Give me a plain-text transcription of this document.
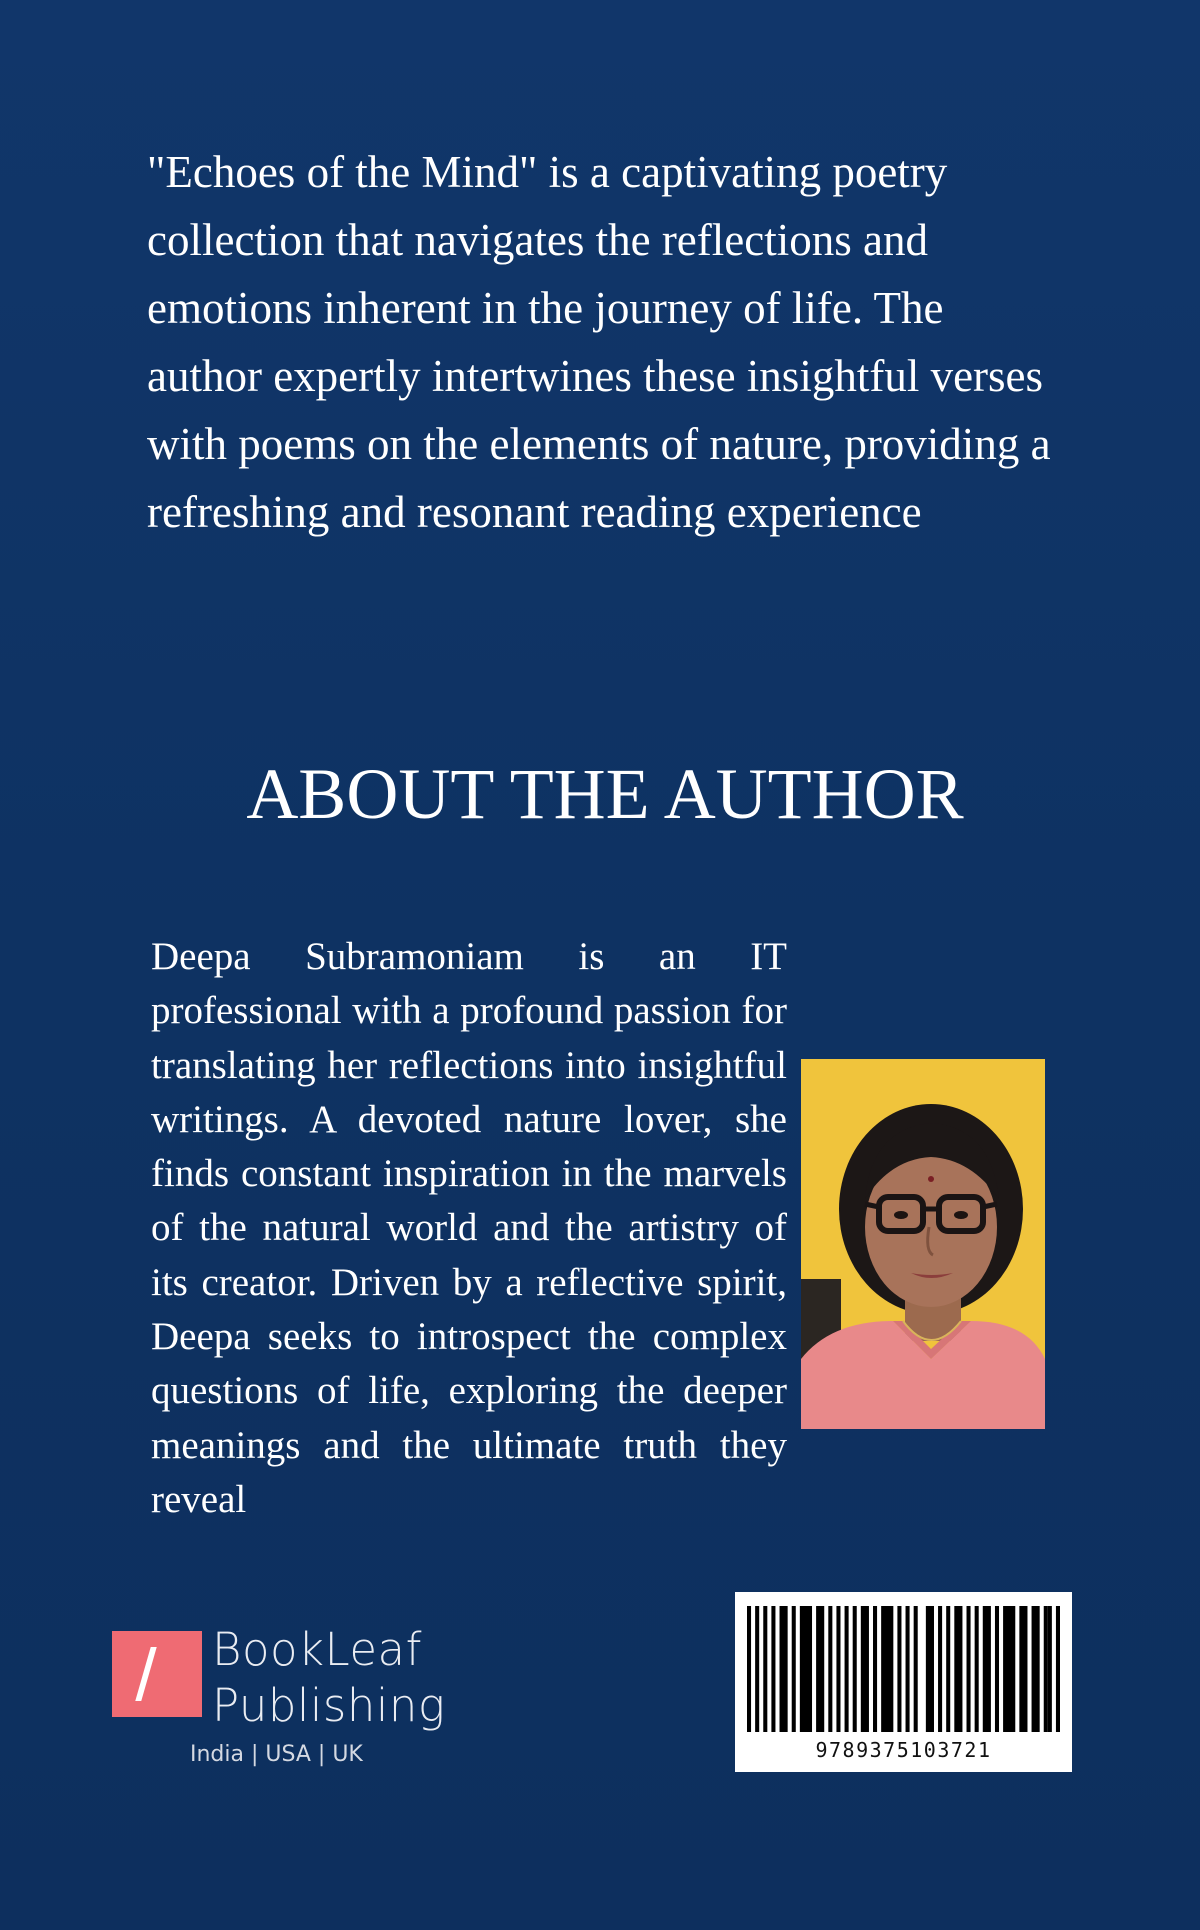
"Echoes of the Mind" is a captivating poetry collection that navigates the reflections and emotions inherent in the journey of life. The author expertly intertwines these insightful verses with poems on the elements of nature, providing a refreshing and resonant reading experience

ABOUT THE AUTHOR

Deepa Subramoniam is an IT professional with a profound passion for translating her reflections into insightful writings. A devoted nature lover, she finds constant inspiration in the marvels of the natural world and the artistry of its creator. Driven by a reflective spirit, Deepa seeks to introspect the complex questions of life, exploring the deeper meanings and the ultimate truth they reveal

BookLeaf
Publishing
India | USA | UK	9789375103721
